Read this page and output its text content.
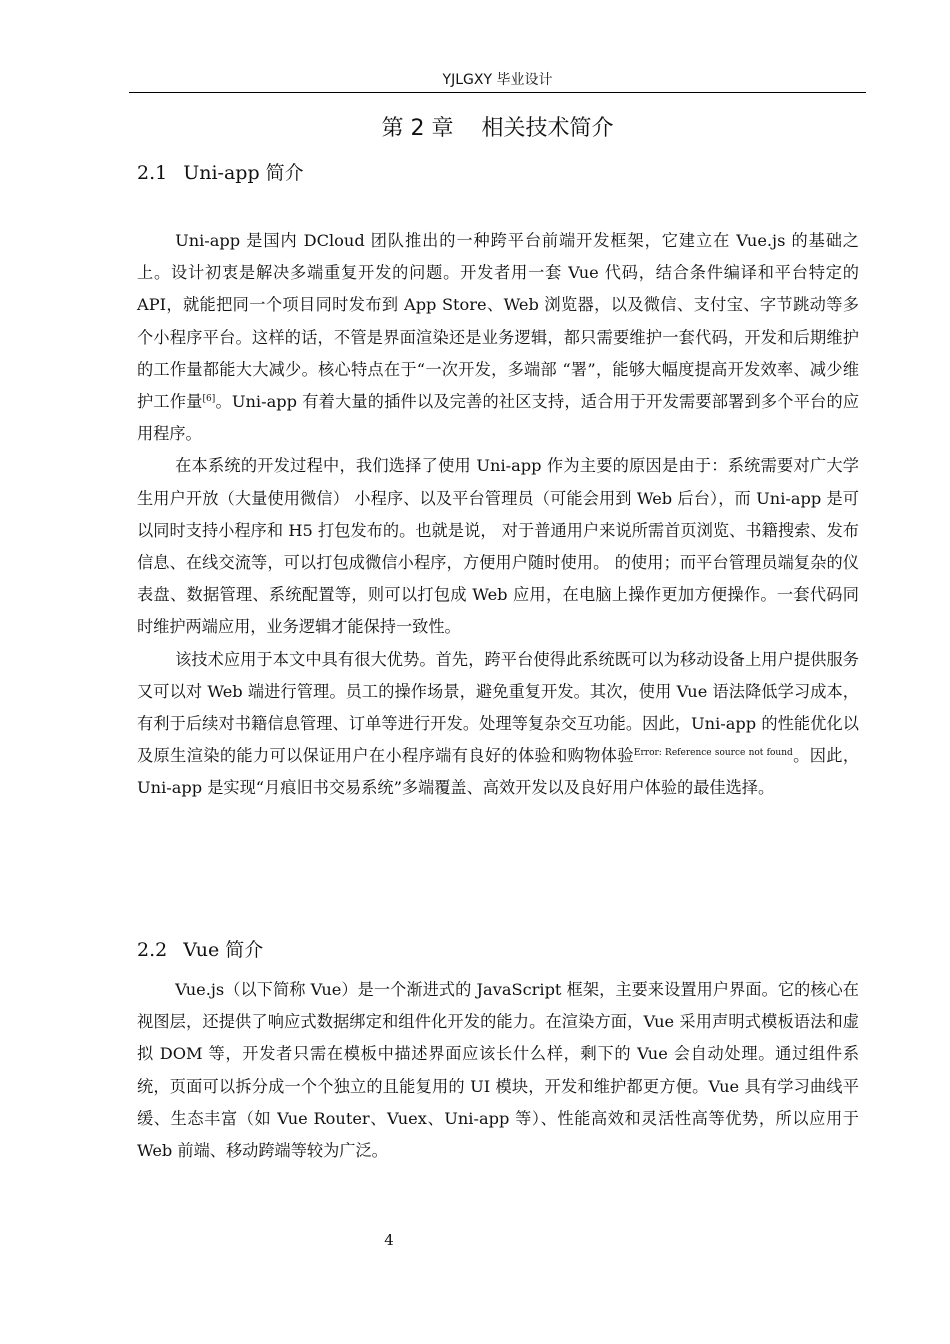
YJLGXY 毕业设计
第 2 章 相关技术简介
2.1 Uni-app 简介

Uni-app 是国内 DCloud 团队推出的一种跨平台前端开发框架，它建立在 Vue.js 的基础之上。设计初衷是解决多端重复开发的问题。开发者用一套 Vue 代码，结合条件编译和平台特定的 API，就能把同一个项目同时发布到 App Store、Web 浏览器，以及微信、支付宝、字节跳动等多个小程序平台。这样的话，不管是界面渲染还是业务逻辑，都只需要维护一套代码，开发和后期维护的工作量都能大大减少。核心特点在于“一次开发，多端部 “署”，能够大幅度提高开发效率、减少维护工作量[6]。Uni-app 有着大量的插件以及完善的社区支持，适合用于开发需要部署到多个平台的应用程序。

在本系统的开发过程中，我们选择了使用 Uni-app 作为主要的原因是由于：系统需要对广大学生用户开放（大量使用微信） 小程序、以及平台管理员（可能会用到 Web 后台），而 Uni-app 是可以同时支持小程序和 H5 打包发布的。也就是说， 对于普通用户来说所需首页浏览、书籍搜索、发布信息、在线交流等，可以打包成微信小程序，方便用户随时使用。 的使用；而平台管理员端复杂的仪表盘、数据管理、系统配置等，则可以打包成 Web 应用，在电脑上操作更加方便操作。一套代码同时维护两端应用，业务逻辑才能保持一致性。

该技术应用于本文中具有很大优势。首先，跨平台使得此系统既可以为移动设备上用户提供服务又可以对 Web 端进行管理。员工的操作场景，避免重复开发。其次，使用 Vue 语法降低学习成本，有利于后续对书籍信息管理、订单等进行开发。处理等复杂交互功能。因此，Uni-app 的性能优化以及原生渲染的能力可以保证用户在小程序端有良好的体验和购物体验$^{Error: Reference source not found}$。因此，Uni-app 是实现“月痕旧书交易系统”多端覆盖、高效开发以及良好用户体验的最佳选择。

2.2 Vue 简介

Vue.js（以下简称 Vue）是一个渐进式的 JavaScript 框架，主要来设置用户界面。它的核心在视图层，还提供了响应式数据绑定和组件化开发的能力。在渲染方面，Vue 采用声明式模板语法和虚拟 DOM 等，开发者只需在模板中描述界面应该长什么样，剩下的 Vue 会自动处理。通过组件系统，页面可以拆分成一个个独立的且能复用的 UI 模块，开发和维护都更方便。Vue 具有学习曲线平缓、生态丰富（如 Vue Router、Vuex、Uni-app 等）、性能高效和灵活性高等优势，所以应用于 Web 前端、移动跨端等较为广泛。

4
